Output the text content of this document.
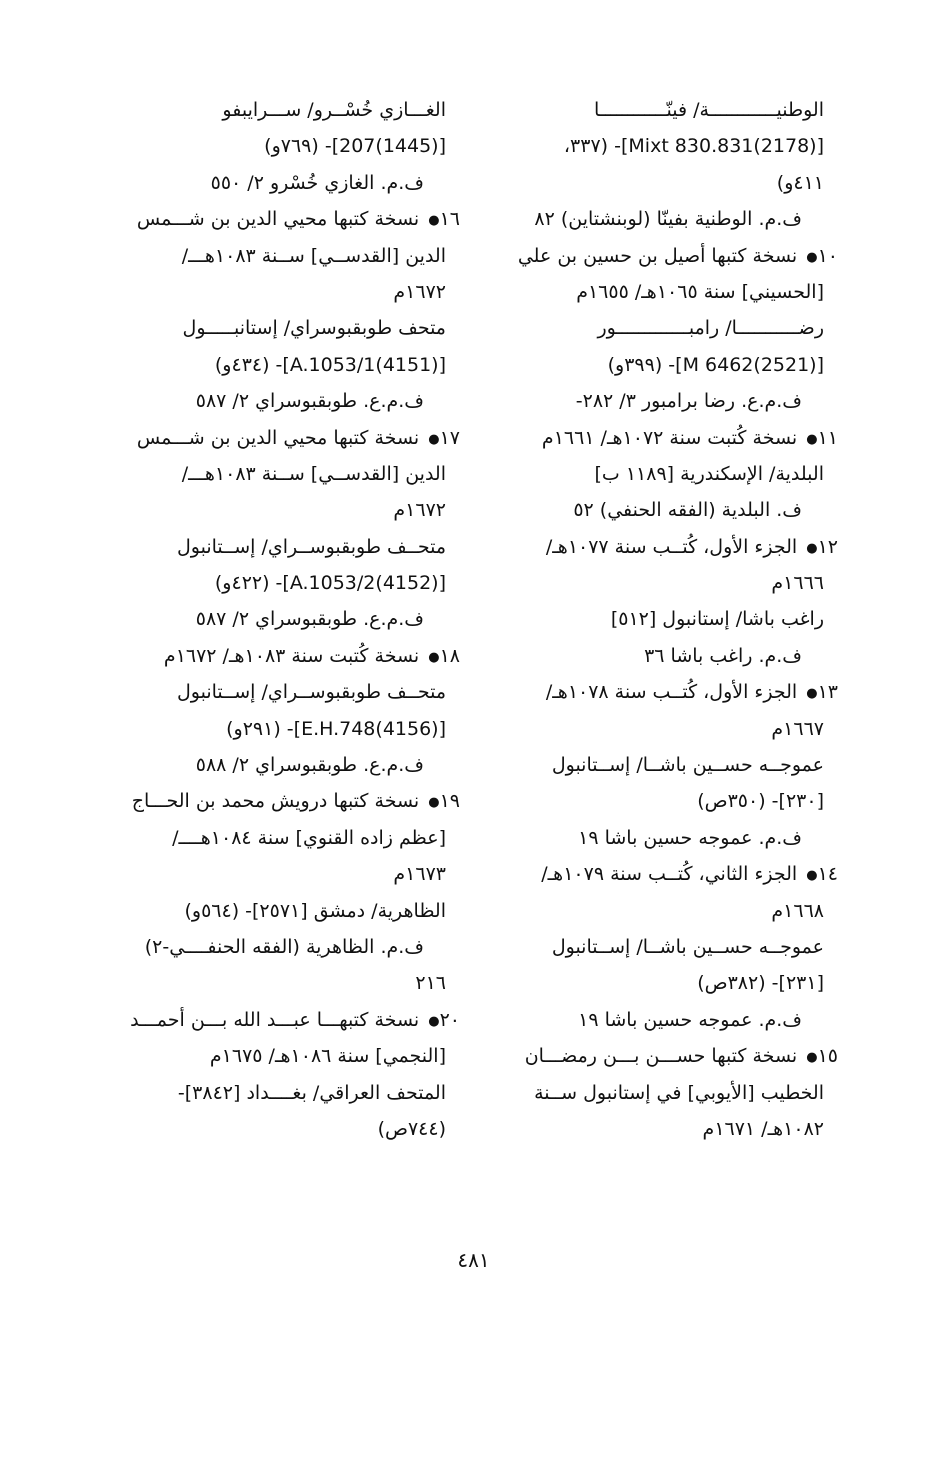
الوطنيــــــــــــة/ فينّــــــــــــا
[(2178)Mixt 830.831]- (٣٣٧،
٤١١و)
ف.م. الوطنية بفينّا (لوبنشتاين) ٨٢
١٠● نسخة كتبها أصيل بن حسين بن علي
[الحسيني] سنة ١٠٦٥هـ/ ١٦٥٥م
رضـــــــــــا/ رامبـــــــــــــور
[(2521)6462 M]- (٣٩٩و)
ف.م.ع. رضا برامبور ٣/ ٢٨٢-
١١● نسخة كُتبت سنة ١٠٧٢هـ/ ١٦٦١م
البلدية/ الإسكندرية [١١٨٩ ب]
ف. البلدية (الفقه الحنفي) ٥٢
١٢● الجزء الأول، كُتــب سنة ١٠٧٧هـ/
١٦٦٦م
راغب باشا/ إستانبول [٥١٢]
ف.م. راغب باشا ٣٦
١٣● الجزء الأول، كُتــب سنة ١٠٧٨هـ/
١٦٦٧م
عموجــه حســين باشــا/ إســتانبول
[٢٣٠]- (٣٥٠ص)
ف.م. عموجه حسين باشا ١٩
١٤● الجزء الثاني، كُتــب سنة ١٠٧٩هـ/
١٦٦٨م
عموجــه حســين باشــا/ إســتانبول
[٢٣١]- (٣٨٢ص)
ف.م. عموجه حسين باشا ١٩
١٥● نسخة كتبها حســـن بـــن رمضـــان
الخطيب [الأيوبي] في إستانبول ســنة
١٠٨٢هـ/ ١٦٧١م
الغـــازي خُسْــرو/ ســـرايبفو
[(1445)207]- (٧٦٩و)
ف.م. الغازي خُسْرو ٢/ ٥٥٠
١٦● نسخة كتبها محيي الدين بن شـــمس
الدين [القدســي] ســنة ١٠٨٣هـــ/
١٦٧٢م
متحف طوبقبوسراي/ إستانبـــــول
[(4151)A.1053/1]- (٤٣٤و)
ف.م.ع. طوبقبوسراي ٢/ ٥٨٧
١٧● نسخة كتبها محيي الدين بن شـــمس
الدين [القدســي] ســنة ١٠٨٣هـــ/
١٦٧٢م
متحــف طوبقبوســراي/ إســتانبول
[(4152)A.1053/2]- (٤٢٢و)
ف.م.ع. طوبقبوسراي ٢/ ٥٨٧
١٨● نسخة كُتبت سنة ١٠٨٣هـ/ ١٦٧٢م
متحــف طوبقبوســراي/ إســتانبول
[(4156)E.H.748]- (٢٩١و)
ف.م.ع. طوبقبوسراي ٢/ ٥٨٨
١٩● نسخة كتبها درويش محمد بن الحـــاج
[عظم زاده القنوي] سنة ١٠٨٤هــــ/
١٦٧٣م
الظاهرية/ دمشق [٢٥٧١]- (٥٦٤و)
ف.م. الظاهرية (الفقه الحنفــــي-٢)
٢١٦
٢٠● نسخة كتبهـــا عبـــد الله بـــن أحمـــد
[النجمي] سنة ١٠٨٦هـ/ ١٦٧٥م
المتحف العراقي/ بغــــداد [٣٨٤٢]-
(٧٤٤ص)
٤٨١
